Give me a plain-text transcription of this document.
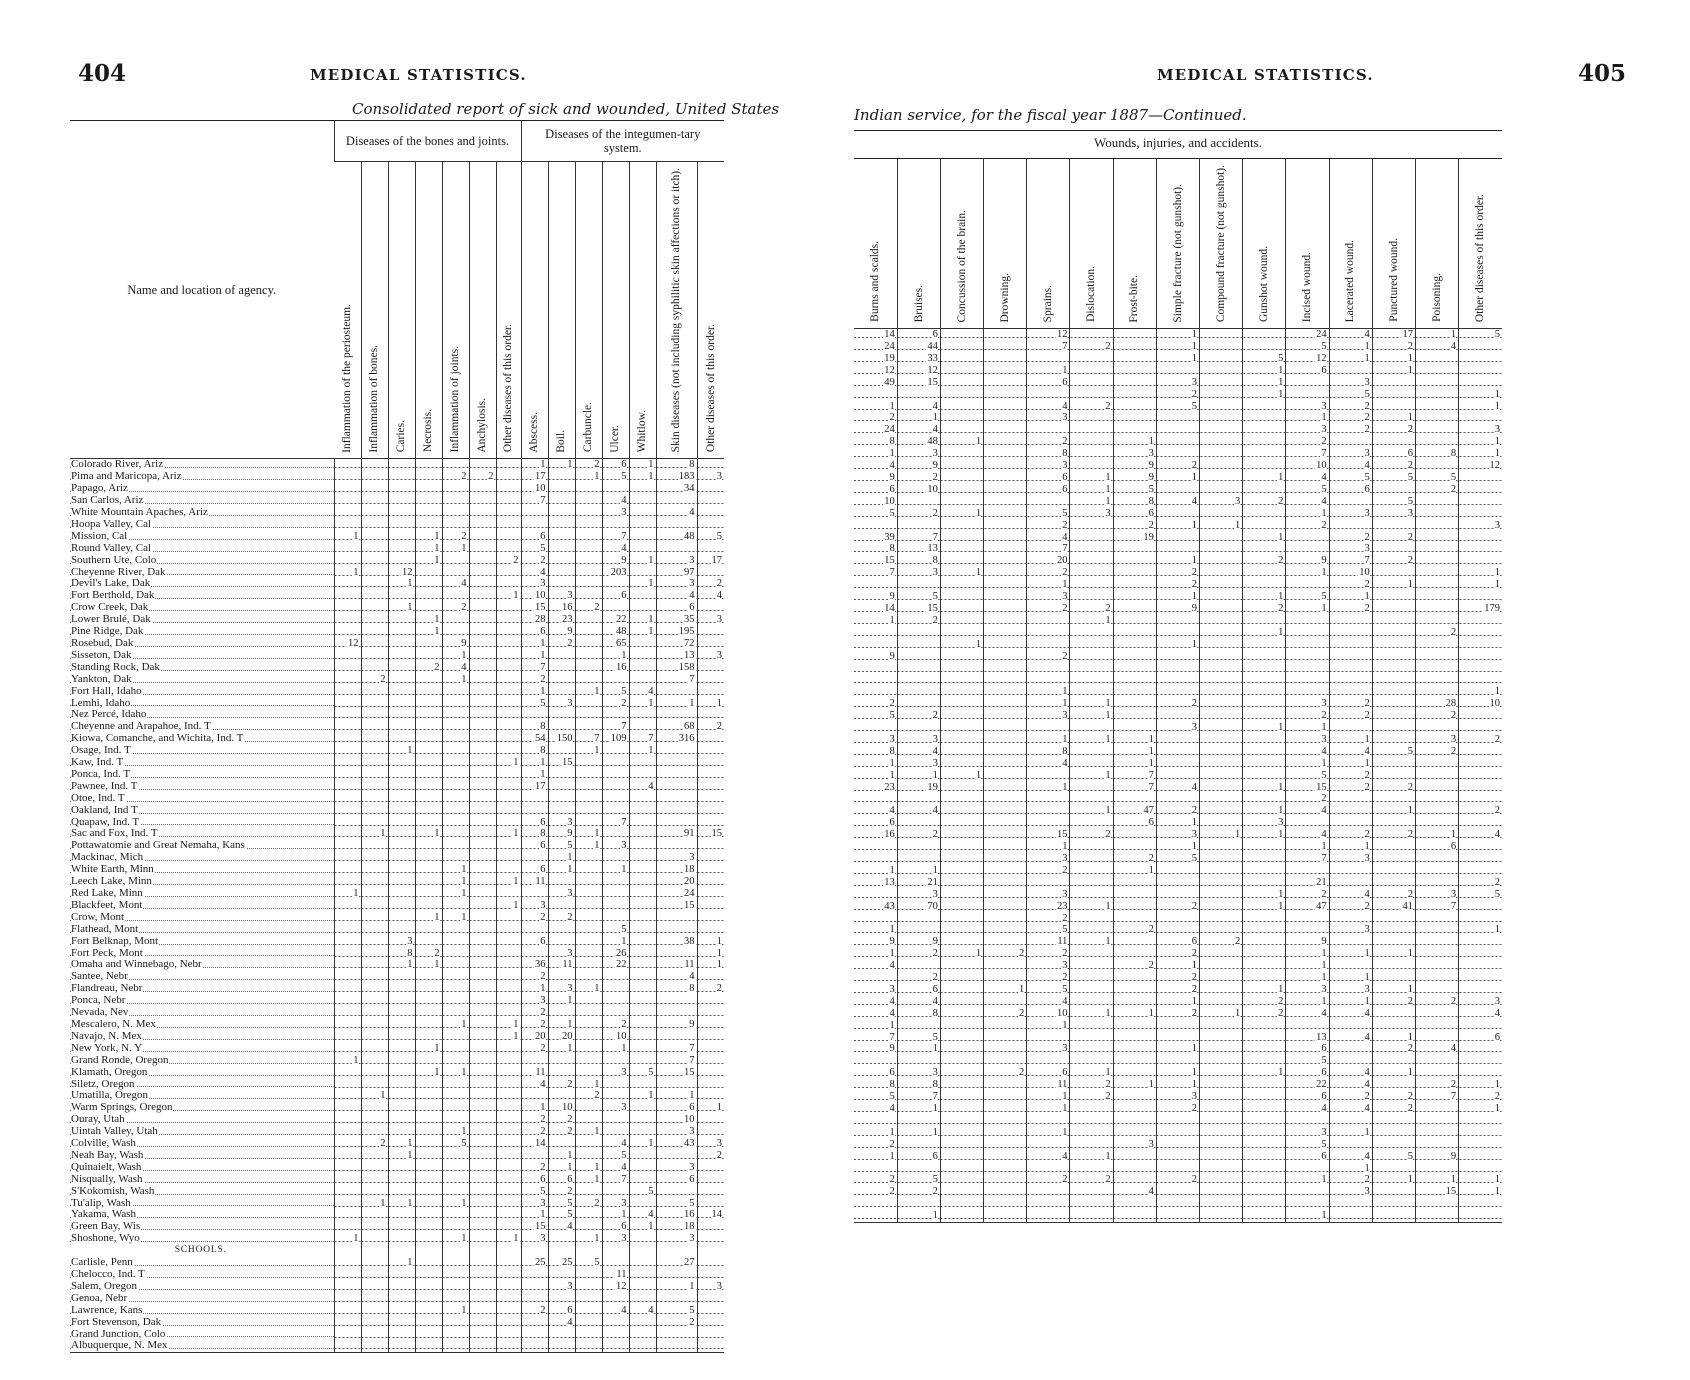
404	MEDICAL STATISTICS.
Consolidated report of sick and wounded, United States
Name and location of agency.	Diseases of the bones and joints.							Diseases of the integumen-tary system.						

	Inflammation of the periosteum.	Inflammation of bones.	Caries.	Necrosis.	Inflammation of joints.	Anchylosis.	Other diseases of this order.	Abscess.	Boil.	Carbuncle.	Ulcer.	Whitlow.	Skin diseases (not including syphilitic skin affections or itch).	Other diseases of this order.

Colorado River, Ariz								1	1	2	6	1	8	
Pima and Maricopa, Ariz					2	2		17		1	5	1	183	3
Papago, Ariz								10					34	
San Carlos, Ariz								7			4			
White Mountain Apaches, Ariz											3		4	
Hoopa Valley, Cal														
Mission, Cal	1			1	2			6			7		48	5
Round Valley, Cal				1	1			5			4			
Southern Ute, Colo				1			2	2			9	1	3	17
Cheyenne River, Dak	1		12					4			203		97	
Devil's Lake, Dak			1		4			3				1	3	2
Fort Berthold, Dak							1	10	3		6		4	4
Crow Creek, Dak			1		2			15	16	2			6	
Lower Brulé, Dak				1				28	23		22	1	35	3
Pine Ridge, Dak				1				6	9		48	1	195	
Rosebud, Dak	12				9			1	2		65		72	
Sisseton, Dak					1			1			1		13	3
Standing Rock, Dak				2	4			7			16		158	
Yankton, Dak		2			1			2					7	
Fort Hall, Idaho								1		1	5	4		
Lemhi, Idaho								5	3		2	1	1	1
Nez Percé, Idaho														
Cheyenne and Arapahoe, Ind. T								8			7		68	2
Kiowa, Comanche, and Wichita, Ind. T								54	150	7	109	7	316	
Osage, Ind. T			1					8		1		1		
Kaw, Ind. T							1	1	15					
Ponca, Ind. T								1						
Pawnee, Ind. T								17				4		
Otoe, Ind. T														
Oakland, Ind T														
Quapaw, Ind. T								6	3		7			
Sac and Fox, Ind. T		1		1			1	8	9	1			91	15
Pottawatomie and Great Nemaha, Kans								6	5	1	3			
Mackinac, Mich									1				3	
White Earth, Minn					1			6	1		1		18	
Leech Lake, Minn					1		1	11					20	
Red Lake, Minn	1				1				3				24	
Blackfeet, Mont							1	3					15	
Crow, Mont				1	1			2	2					
Flathead, Mont											5			
Fort Belknap, Mont			3					6			1		38	1
Fort Peck, Mont			8	2					3		26			1
Omaha and Winnebago, Nebr			1	1				36	11		22		11	1
Santee, Nebr								2					4	
Flandreau, Nebr								1	3	1			8	2
Ponca, Nebr								3	1					
Nevada, Nev								2						
Mescalero, N. Mex					1		1	2	1		2		9	
Navajo, N. Mex							1	20	20		10			
New York, N. Y				1				2	1		1		7	
Grand Ronde, Oregon	1												7	
Klamath, Oregon				1	1			11			3	5	15	
Siletz, Oregon								4	2	1				
Umatilla, Oregon		1								2		1	1	
Warm Springs, Oregon								1	10		3		6	1
Ouray, Utah								2	2				10	
Uintah Valley, Utah					1			2	2	1			3	
Colville, Wash		2	1		5			14			4	1	43	3
Neah Bay, Wash			1						1		5			2
Quinaielt, Wash								2	1	1	4		3	
Nisqually, Wash								6	6	1	7		6	
S'Kokomish, Wash								5	2			5		
Tu'alip, Wash		1	1		1			3	5	2	3		5	
Yakama, Wash								1	5		1	4	16	14
Green Bay, Wis								15	4		6	1	18	
Shoshone, Wyo	1				1		1	3		1	3		3	
SCHOOLS.														
Carlisle, Penn			1					25	25	5			27	
Chelocco, Ind. T											11			
Salem, Oregon									3		12		1	3
Genoa, Nebr														
Lawrence, Kans					1			2	6		4	4	5	
Fort Stevenson, Dak									4				2	
Grand Junction, Colo														
Albuquerque, N. Mex														
MEDICAL STATISTICS.	405
Indian service, for the fiscal year 1887—Continued.
Wounds, injuries, and accidents.
Burns and scalds.	Bruises.	Concussion of the brain.	Drowning.	Sprains.	Dislocation.	Frost-bite.	Simple fracture (not gunshot).	Compound fracture (not gunshot).	Gunshot wound.	Incised wound.	Lacerated wound.	Punctured wound.	Poisoning.	Other diseases of this order.

14	6			12			1			24	4	17	1	5
24	44			7	2		1			5	1	2	4	
19	33						1		5	12	1	1		
12	12			1					1	6		1		
49	15			6			3		1		3			
							2		1		5			1
1	4			4	2		5			3	2			1
2	1			3						1	2	1		
24	4									3	2	2		3
8	48	1		2		1				2				1
1	3			8		3				7	3	6	8	1
4	9			3		9	2			10	4	2		12
9	2			6	1	9	1		1	4	5	5	5	
6	10			6	1	5				5	6		2	
10					1	8	4	3	2	4		5		
5	2	1		5	3	6				1	3	3		
				2		2	1	1		2				3
39	7			4		19			1		2	2		
8	13			7							3			
15	8			20			1		2	9	7	2		
7	3	1		2			2			1	10			1
				1			2				2	1		1
9	5			3			1		1	5	1			
14	15			2	2		9		2	1	2			179
1	2				1									
									1				2	
		1					1							
9				2										

				1										1
2				1	1		2			3	2		28	10
5	2			3	1					2	2		2	
							3		1	1				
3	3			1	1	1				3	1		3	2
8	4			8		1				4	4	5	2	
1	3			4		1				1	1			
1	1	1			1	7				5	2			
23	19			1		7	4		1	15	2	2		
										2				
4	4				1	47	2		1	4		1		2
6						6	1		3					
16	2			15	2		3	1	1	4	2	2	1	4
				1			1			1	1		6	
				3		2	5			7	3			
1	1			2		1								
13	21									21				2
	3			3					1	2	4	2	3	5
43	70			23	1		2		1	47	2	41	7	
				2										
1				5		2					3			1
9	9			11	1		6	2		9				
1	2	1	2	2			2			1	1	1		
4				3		2	1			1				
	2			2			2			1	1			
3	6		1	5			2		1	3	3	1		
4	4			4			1		2	1	1	2	2	3
4	8		2	10	1	1	2	1	2	4	4			4
1				1										
7	5									13	4	1		6
9	1			3			1			6		2	4	
										5				
6	3		2	6	1		1		1	6	4	1		
8	8			11	2	1	1			22	4		2	1
5	7			1	2		3			6	2	2	7	2
4	1			1			2			4	4	2		1

1	1			1						3	1			
2						3				5				
1	6			4	1					6	4	5	9	
											1			
2	5			2	2		2			1	2	1	1	1
2	2					4					3		15	1

	1									1				
